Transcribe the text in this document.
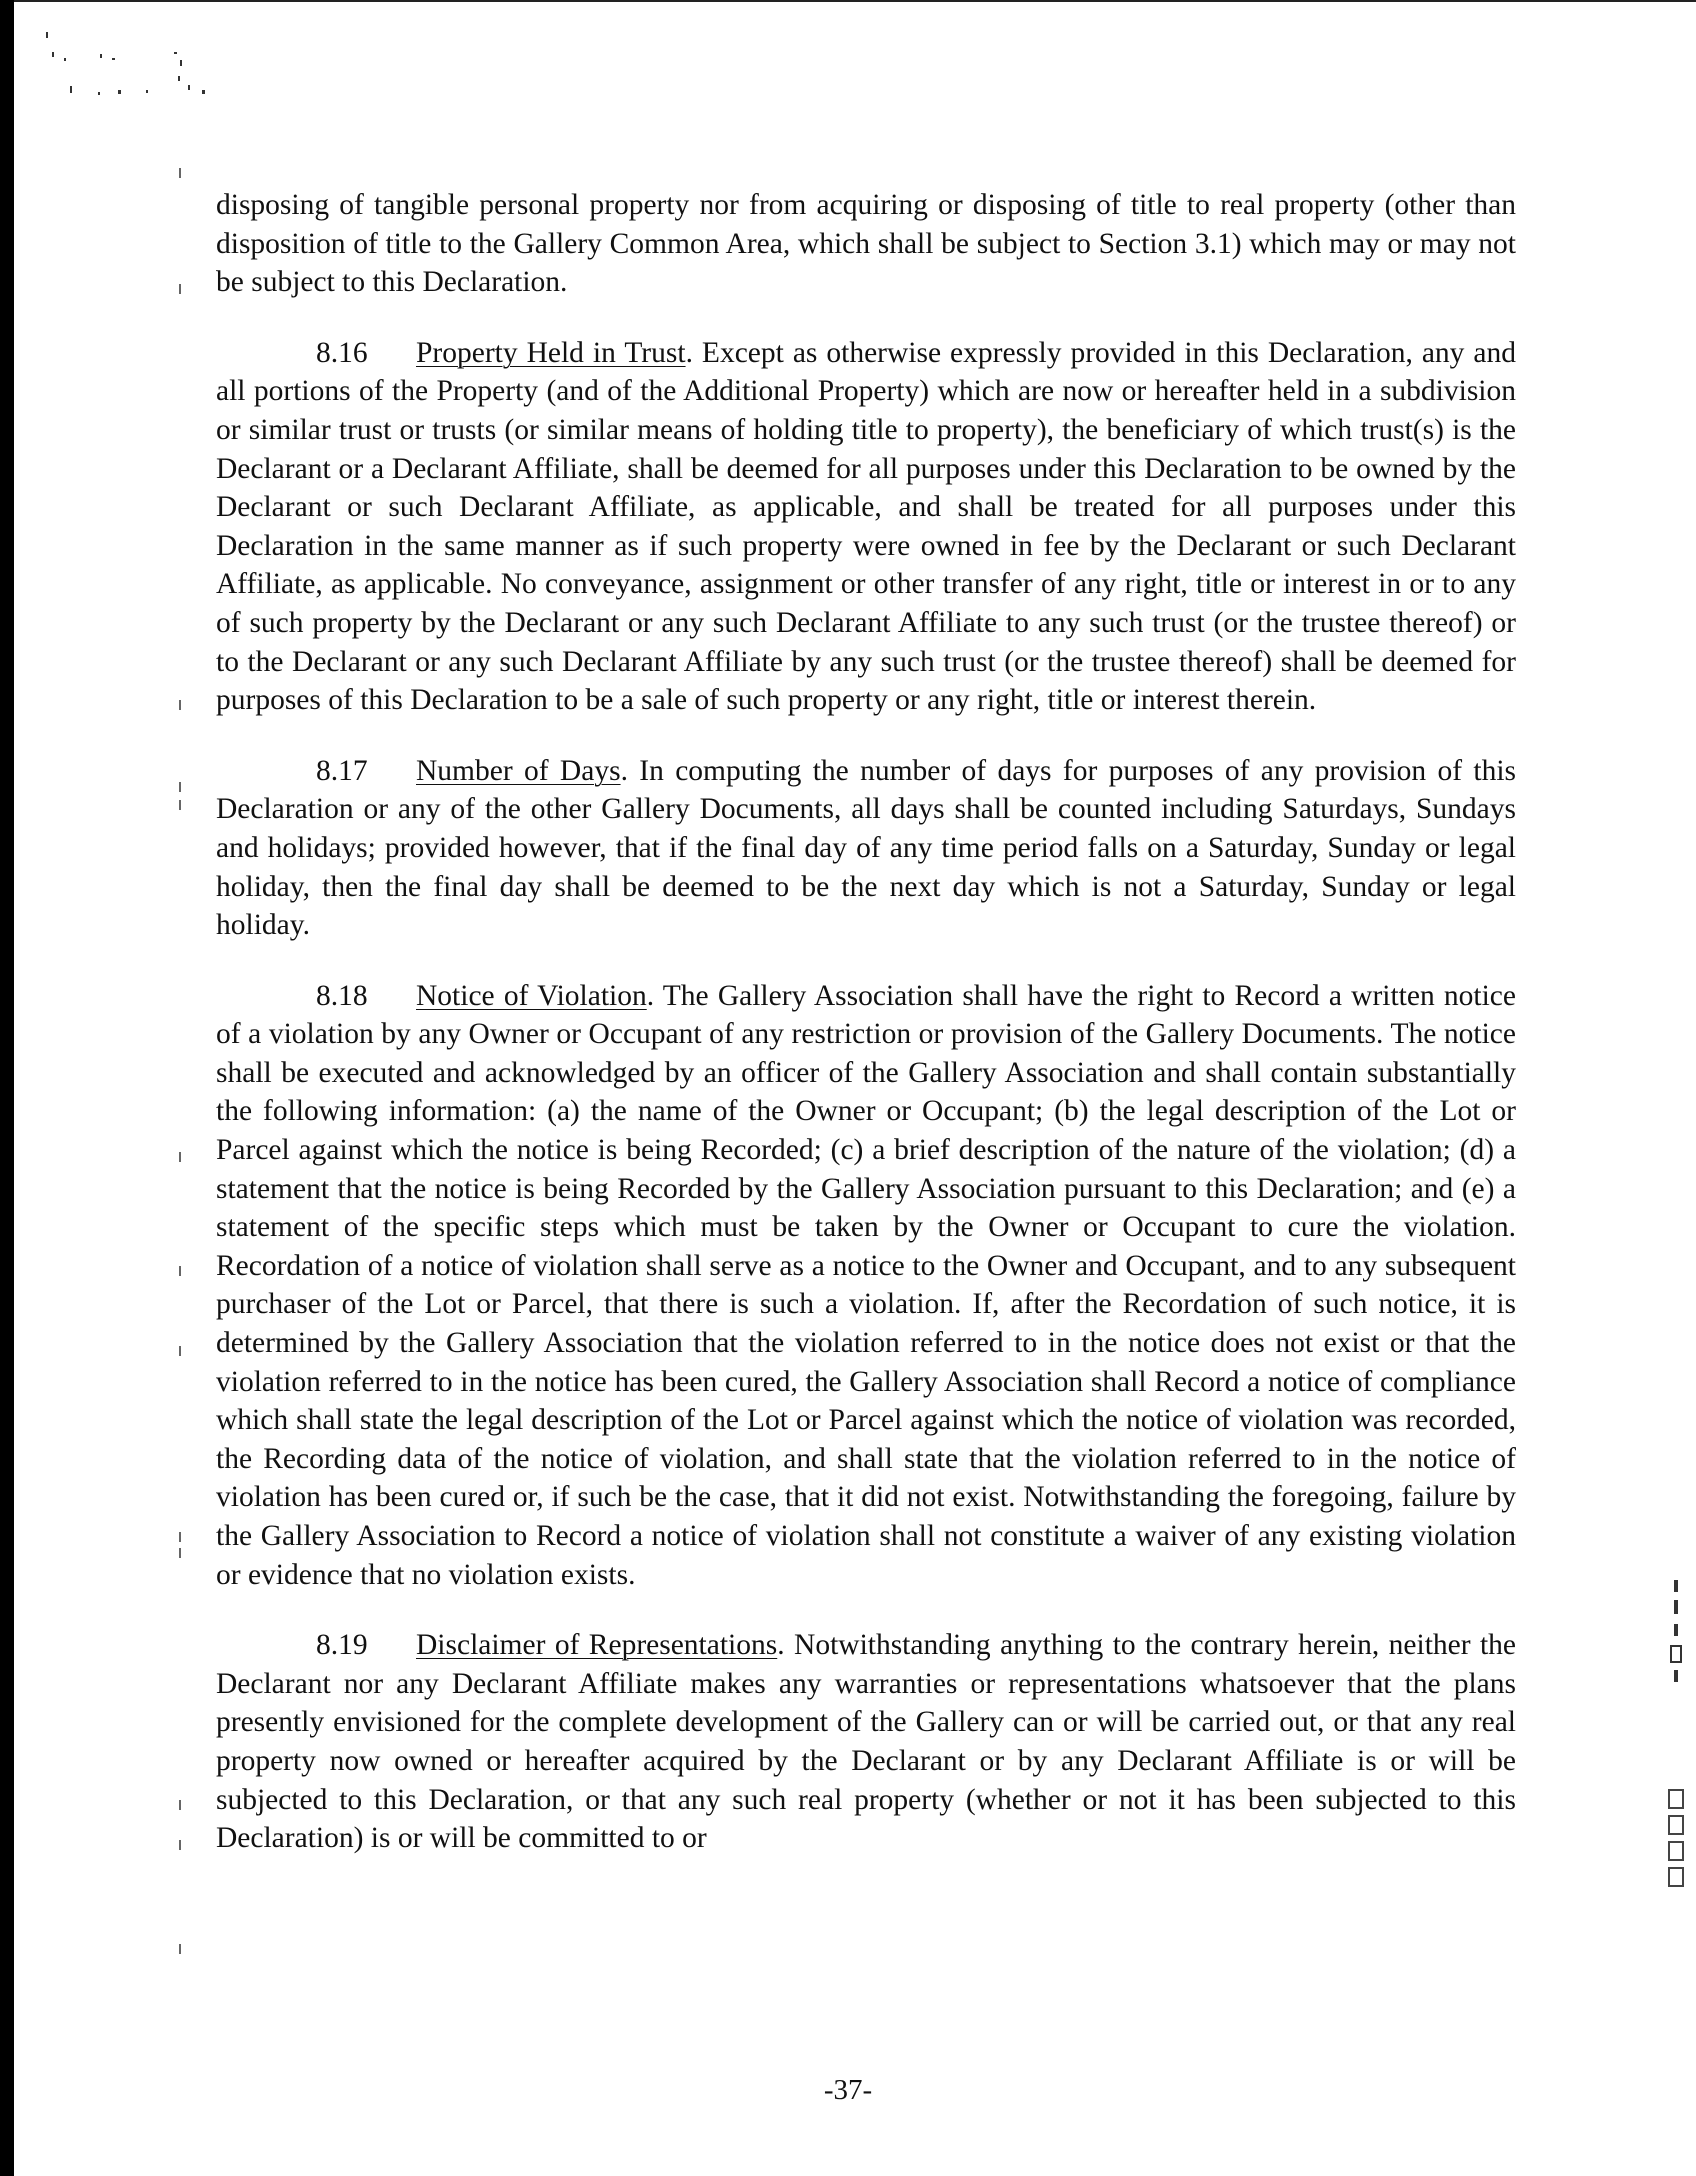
disposing of tangible personal property nor from acquiring or disposing of title to real property (other than disposition of title to the Gallery Common Area, which shall be subject to Section 3.1) which may or may not be subject to this Declaration.

8.16 Property Held in Trust. Except as otherwise expressly provided in this Declaration, any and all portions of the Property (and of the Additional Property) which are now or hereafter held in a subdivision or similar trust or trusts (or similar means of holding title to property), the beneficiary of which trust(s) is the Declarant or a Declarant Affiliate, shall be deemed for all purposes under this Declaration to be owned by the Declarant or such Declarant Affiliate, as applicable, and shall be treated for all purposes under this Declaration in the same manner as if such property were owned in fee by the Declarant or such Declarant Affiliate, as applicable. No conveyance, assignment or other transfer of any right, title or interest in or to any of such property by the Declarant or any such Declarant Affiliate to any such trust (or the trustee thereof) or to the Declarant or any such Declarant Affiliate by any such trust (or the trustee thereof) shall be deemed for purposes of this Declaration to be a sale of such property or any right, title or interest therein.

8.17 Number of Days. In computing the number of days for purposes of any provision of this Declaration or any of the other Gallery Documents, all days shall be counted including Saturdays, Sundays and holidays; provided however, that if the final day of any time period falls on a Saturday, Sunday or legal holiday, then the final day shall be deemed to be the next day which is not a Saturday, Sunday or legal holiday.

8.18 Notice of Violation. The Gallery Association shall have the right to Record a written notice of a violation by any Owner or Occupant of any restriction or provision of the Gallery Documents. The notice shall be executed and acknowledged by an officer of the Gallery Association and shall contain substantially the following information: (a) the name of the Owner or Occupant; (b) the legal description of the Lot or Parcel against which the notice is being Recorded; (c) a brief description of the nature of the violation; (d) a statement that the notice is being Recorded by the Gallery Association pursuant to this Declaration; and (e) a statement of the specific steps which must be taken by the Owner or Occupant to cure the violation. Recordation of a notice of violation shall serve as a notice to the Owner and Occupant, and to any subsequent purchaser of the Lot or Parcel, that there is such a violation. If, after the Recordation of such notice, it is determined by the Gallery Association that the violation referred to in the notice does not exist or that the violation referred to in the notice has been cured, the Gallery Association shall Record a notice of compliance which shall state the legal description of the Lot or Parcel against which the notice of violation was recorded, the Recording data of the notice of violation, and shall state that the violation referred to in the notice of violation has been cured or, if such be the case, that it did not exist. Notwithstanding the foregoing, failure by the Gallery Association to Record a notice of violation shall not constitute a waiver of any existing violation or evidence that no violation exists.

8.19 Disclaimer of Representations. Notwithstanding anything to the contrary herein, neither the Declarant nor any Declarant Affiliate makes any warranties or representations whatsoever that the plans presently envisioned for the complete development of the Gallery can or will be carried out, or that any real property now owned or hereafter acquired by the Declarant or by any Declarant Affiliate is or will be subjected to this Declaration, or that any such real property (whether or not it has been subjected to this Declaration) is or will be committed to or

-37-
